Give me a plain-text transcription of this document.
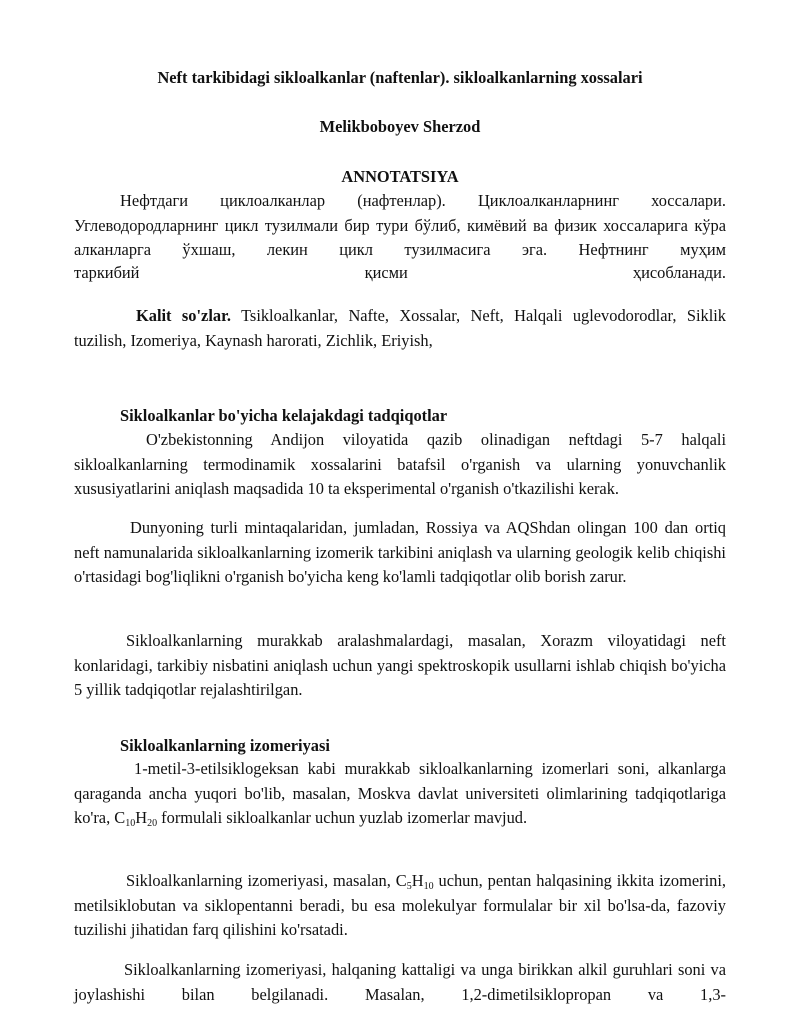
Neft tarkibidagi sikloalkanlar (naftenlar). sikloalkanlarning xossalari
Melikboboyev Sherzod
ANNOTATSIYA
Нефтдаги циклоалканлар (нафтенлар). Циклоалканларнинг хоссалари. Углеводородларнинг цикл тузилмали бир тури бўлиб, кимёвий ва физик хоссаларига кўра алканларга ўхшаш, лекин цикл тузилмасига эга. Нефтнинг муҳим
таркибий қисми ҳисобланади.
Kalit so'zlar. Tsikloalkanlar, Nafte, Xossalar, Neft, Halqali uglevodorodlar, Siklik tuzilish, Izomeriya, Kaynash harorati, Zichlik, Eriyish,
Sikloalkanlar bo'yicha kelajakdagi tadqiqotlar
O'zbekistonning Andijon viloyatida qazib olinadigan neftdagi 5-7 halqali sikloalkanlarning termodinamik xossalarini batafsil o'rganish va ularning yonuvchanlik xususiyatlarini aniqlash maqsadida 10 ta eksperimental o'rganish o'tkazilishi kerak.
Dunyoning turli mintaqalaridan, jumladan, Rossiya va AQShdan olingan 100 dan ortiq neft namunalarida sikloalkanlarning izomerik tarkibini aniqlash va ularning geologik kelib chiqishi o'rtasidagi bog'liqlikni o'rganish bo'yicha keng ko'lamli tadqiqotlar olib borish zarur.
Sikloalkanlarning murakkab aralashmalardagi, masalan, Xorazm viloyatidagi neft konlaridagi, tarkibiy nisbatini aniqlash uchun yangi spektroskopik usullarni ishlab chiqish bo'yicha 5 yillik tadqiqotlar rejalashtirilgan.
Sikloalkanlarning izomeriyasi
1-metil-3-etilsiklogeksan kabi murakkab sikloalkanlarning izomerlari soni, alkanlarga qaraganda ancha yuqori bo'lib, masalan, Moskva davlat universiteti olimlarining tadqiqotlariga ko'ra, $C_{10}H_{20}$ formulali sikloalkanlar uchun yuzlab izomerlar mavjud.
Sikloalkanlarning izomeriyasi, masalan, $C_5H_{10}$ uchun, pentan halqasining ikkita izomerini, metilsiklobutan va siklopentanni beradi, bu esa molekulyar formulalar bir xil bo'lsa-da, fazoviy tuzilishi jihatidan farq qilishini ko'rsatadi.
Sikloalkanlarning izomeriyasi, halqaning kattaligi va unga birikkan alkil guruhlari soni va joylashishi bilan belgilanadi. Masalan, 1,2-dimetilsiklopropan va 1,3-
